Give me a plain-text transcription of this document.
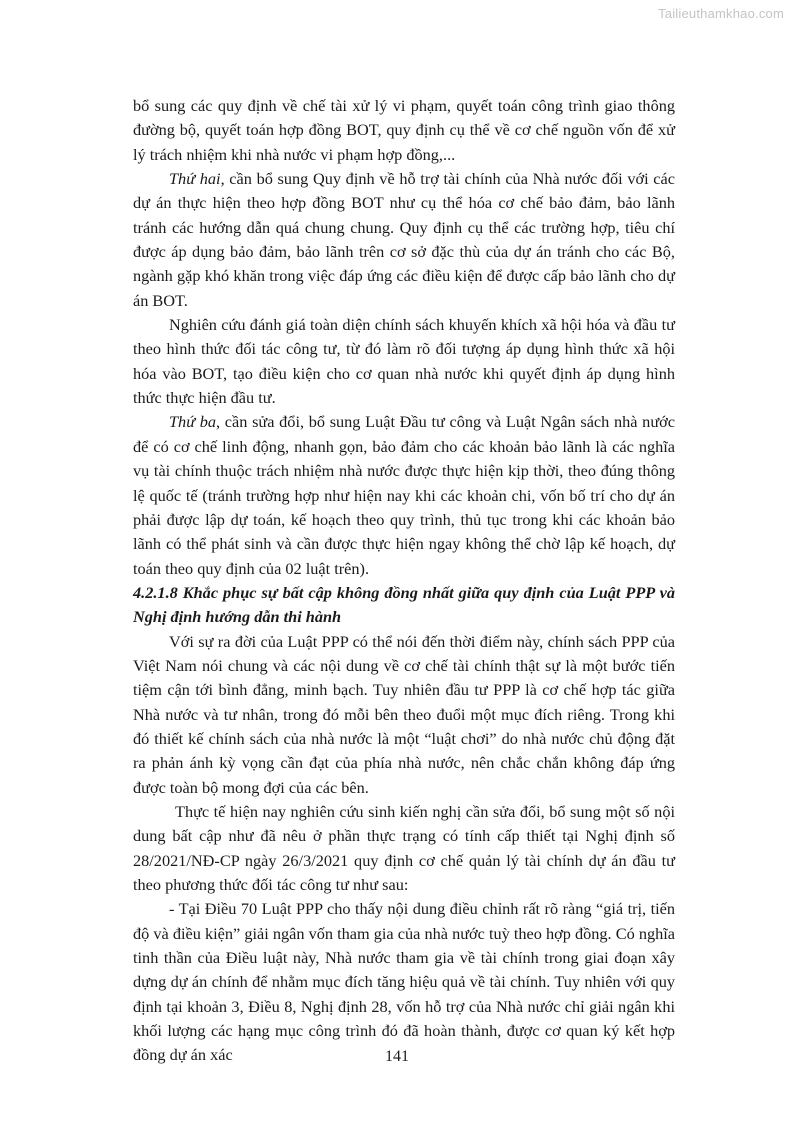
Tailieuthamkhao.com

bổ sung các quy định về chế tài xử lý vi phạm, quyết toán công trình giao thông đường bộ, quyết toán hợp đồng BOT, quy định cụ thể về cơ chế nguồn vốn để xử lý trách nhiệm khi nhà nước vi phạm hợp đồng,...

Thứ hai, cần bổ sung Quy định về hỗ trợ tài chính của Nhà nước đối với các dự án thực hiện theo hợp đồng BOT như cụ thể hóa cơ chế bảo đảm, bảo lãnh tránh các hướng dẫn quá chung chung. Quy định cụ thể các trường hợp, tiêu chí được áp dụng bảo đảm, bảo lãnh trên cơ sở đặc thù của dự án tránh cho các Bộ, ngành gặp khó khăn trong việc đáp ứng các điều kiện để được cấp bảo lãnh cho dự án BOT.

Nghiên cứu đánh giá toàn diện chính sách khuyến khích xã hội hóa và đầu tư theo hình thức đối tác công tư, từ đó làm rõ đối tượng áp dụng hình thức xã hội hóa vào BOT, tạo điều kiện cho cơ quan nhà nước khi quyết định áp dụng hình thức thực hiện đầu tư.

Thứ ba, cần sửa đổi, bổ sung Luật Đầu tư công và Luật Ngân sách nhà nước để có cơ chế linh động, nhanh gọn, bảo đảm cho các khoản bảo lãnh là các nghĩa vụ tài chính thuộc trách nhiệm nhà nước được thực hiện kịp thời, theo đúng thông lệ quốc tế (tránh trường hợp như hiện nay khi các khoản chi, vốn bố trí cho dự án phải được lập dự toán, kế hoạch theo quy trình, thủ tục trong khi các khoản bảo lãnh có thể phát sinh và cần được thực hiện ngay không thể chờ lập kế hoạch, dự toán theo quy định của 02 luật trên).

4.2.1.8 Khắc phục sự bất cập không đồng nhất giữa quy định của Luật PPP và Nghị định hướng dẫn thi hành

Với sự ra đời của Luật PPP có thể nói đến thời điểm này, chính sách PPP của Việt Nam nói chung và các nội dung về cơ chế tài chính thật sự là một bước tiến tiệm cận tới bình đẳng, minh bạch. Tuy nhiên đầu tư PPP là cơ chế hợp tác giữa Nhà nước và tư nhân, trong đó mỗi bên theo đuổi một mục đích riêng. Trong khi đó thiết kế chính sách của nhà nước là một “luật chơi” do nhà nước chủ động đặt ra phản ánh kỳ vọng cần đạt của phía nhà nước, nên chắc chắn không đáp ứng được toàn bộ mong đợi của các bên.

Thực tế hiện nay nghiên cứu sinh kiến nghị cần sửa đổi, bổ sung một số nội dung bất cập như đã nêu ở phần thực trạng có tính cấp thiết tại Nghị định số 28/2021/NĐ-CP ngày 26/3/2021 quy định cơ chế quản lý tài chính dự án đầu tư theo phương thức đối tác công tư như sau:

- Tại Điều 70 Luật PPP cho thấy nội dung điều chỉnh rất rõ ràng “giá trị, tiến độ và điều kiện” giải ngân vốn tham gia của nhà nước tuỳ theo hợp đồng. Có nghĩa tinh thần của Điều luật này, Nhà nước tham gia về tài chính trong giai đoạn xây dựng dự án chính để nhằm mục đích tăng hiệu quả về tài chính. Tuy nhiên với quy định tại khoản 3, Điều 8, Nghị định 28, vốn hỗ trợ của Nhà nước chỉ giải ngân khi khối lượng các hạng mục công trình đó đã hoàn thành, được cơ quan ký kết hợp đồng dự án xác	141
